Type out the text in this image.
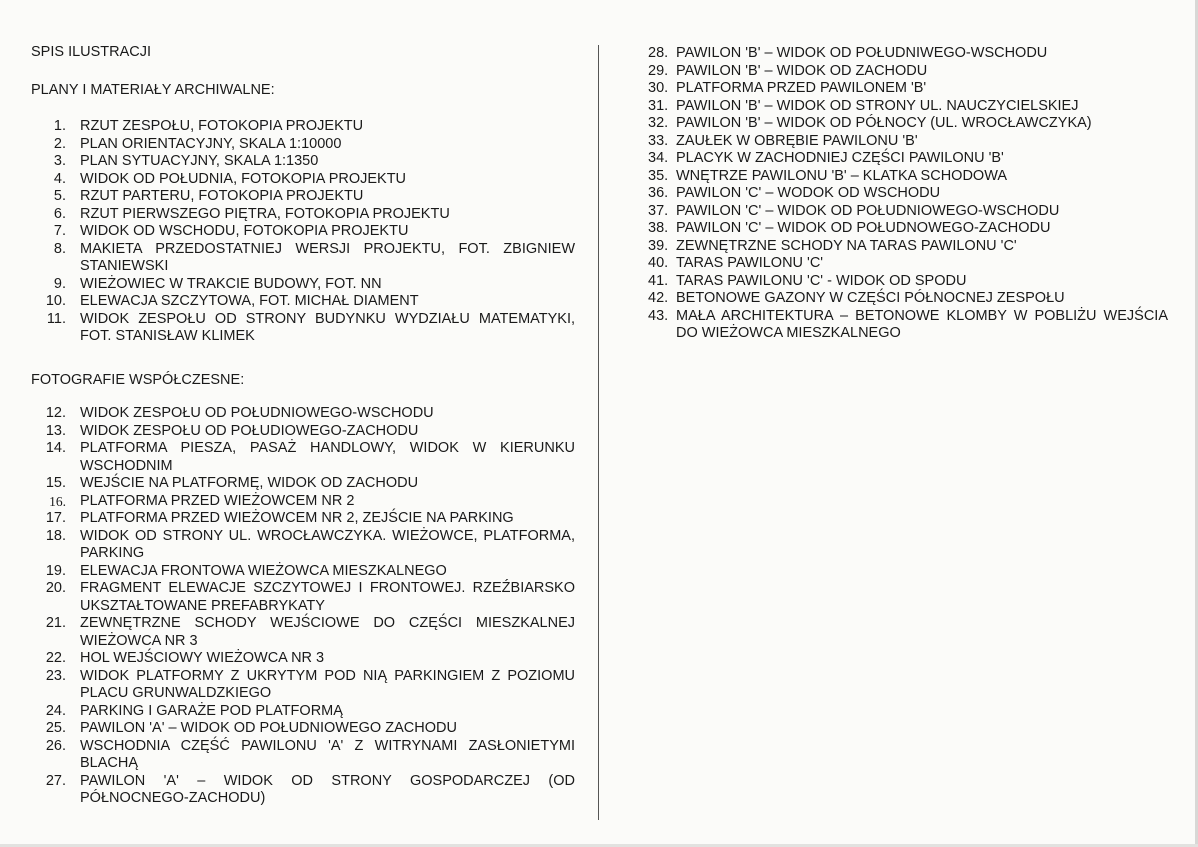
SPIS ILUSTRACJI
PLANY I MATERIAŁY ARCHIWALNE:
1. RZUT ZESPOŁU, FOTOKOPIA PROJEKTU
2. PLAN ORIENTACYJNY, SKALA 1:10000
3. PLAN SYTUACYJNY, SKALA 1:1350
4. WIDOK OD POŁUDNIA, FOTOKOPIA PROJEKTU
5. RZUT PARTERU, FOTOKOPIA PROJEKTU
6. RZUT PIERWSZEGO PIĘTRA, FOTOKOPIA PROJEKTU
7. WIDOK OD WSCHODU, FOTOKOPIA PROJEKTU
8. MAKIETA PRZEDOSTATNIEJ WERSJI PROJEKTU, FOT. ZBIGNIEW STANIEWSKI
9. WIEŻOWIEC W TRAKCIE BUDOWY, FOT. NN
10. ELEWACJA SZCZYTOWA, FOT. MICHAŁ DIAMENT
11. WIDOK ZESPOŁU OD STRONY BUDYNKU WYDZIAŁU MATEMATYKI, FOT. STANISŁAW KLIMEK
FOTOGRAFIE WSPÓŁCZESNE:
12. WIDOK ZESPOŁU OD POŁUDNIOWEGO-WSCHODU
13. WIDOK ZESPOŁU OD POŁUDIOWEGO-ZACHODU
14. PLATFORMA PIESZA, PASAŻ HANDLOWY, WIDOK W KIERUNKU WSCHODNIM
15. WEJŚCIE NA PLATFORMĘ, WIDOK OD ZACHODU
16. PLATFORMA PRZED WIEŻOWCEM NR 2
17. PLATFORMA PRZED WIEŻOWCEM NR 2, ZEJŚCIE NA PARKING
18. WIDOK OD STRONY UL. WROCŁAWCZYKA. WIEŻOWCE, PLATFORMA, PARKING
19. ELEWACJA FRONTOWA WIEŻOWCA MIESZKALNEGO
20. FRAGMENT ELEWACJE SZCZYTOWEJ I FRONTOWEJ. RZEŹBIARSKO UKSZTAŁTOWANE PREFABRYKATY
21. ZEWNĘTRZNE SCHODY WEJŚCIOWE DO CZĘŚCI MIESZKALNEJ WIEŻOWCA NR 3
22. HOL WEJŚCIOWY WIEŻOWCA NR 3
23. WIDOK PLATFORMY Z UKRYTYM POD NIĄ PARKINGIEM Z POZIOMU PLACU GRUNWALDZKIEGO
24. PARKING I GARAŻE POD PLATFORMĄ
25. PAWILON 'A' – WIDOK OD POŁUDNIOWEGO ZACHODU
26. WSCHODNIA CZĘŚĆ PAWILONU 'A' Z WITRYNAMI ZASŁONIETYMI BLACHĄ
27. PAWILON 'A' – WIDOK OD STRONY GOSPODARCZEJ (OD PÓŁNOCNEGO-ZACHODU)
28. PAWILON 'B' – WIDOK OD POŁUDNIWEGO-WSCHODU
29. PAWILON 'B' – WIDOK OD ZACHODU
30. PLATFORMA PRZED PAWILONEM 'B'
31. PAWILON 'B' – WIDOK OD STRONY UL. NAUCZYCIELSKIEJ
32. PAWILON 'B' – WIDOK OD PÓŁNOCY (UL. WROCŁAWCZYKA)
33. ZAUŁEK W OBRĘBIE PAWILONU 'B'
34. PLACYK W ZACHODNIEJ CZĘŚCI PAWILONU 'B'
35. WNĘTRZE PAWILONU 'B' – KLATKA SCHODOWA
36. PAWILON 'C' – WODOK OD WSCHODU
37. PAWILON 'C' – WIDOK OD POŁUDNIOWEGO-WSCHODU
38. PAWILON 'C' – WIDOK OD POŁUDNOWEGO-ZACHODU
39. ZEWNĘTRZNE SCHODY NA TARAS PAWILONU 'C'
40. TARAS PAWILONU 'C'
41. TARAS PAWILONU 'C' - WIDOK OD SPODU
42. BETONOWE GAZONY W CZĘŚCI PÓŁNOCNEJ ZESPOŁU
43. MAŁA ARCHITEKTURA – BETONOWE KLOMBY W POBLIŻU WEJŚCIA DO WIEŻOWCA MIESZKALNEGO
